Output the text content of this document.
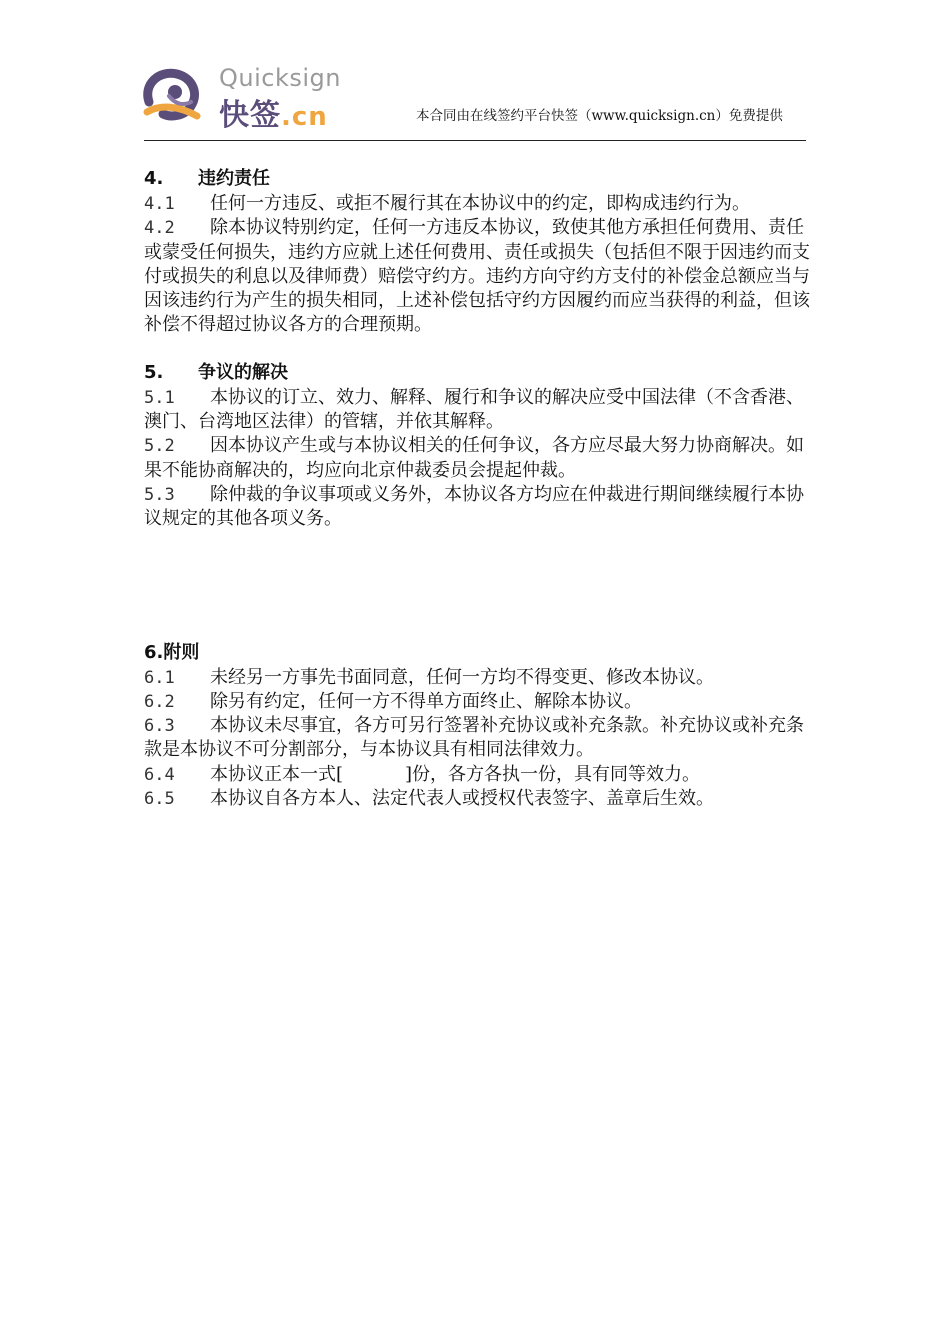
Quicksign
快签.cn	本合同由在线签约平台快签（www.quicksign.cn）免费提供
4. 违约责任

4.1 任何一方违反、或拒不履行其在本协议中的约定，即构成违约行为。

4.2 除本协议特别约定，任何一方违反本协议，致使其他方承担任何费用、责任或蒙受任何损失，违约方应就上述任何费用、责任或损失（包括但不限于因违约而支付或损失的利息以及律师费）赔偿守约方。违约方向守约方支付的补偿金总额应当与因该违约行为产生的损失相同，上述补偿包括守约方因履约而应当获得的利益，但该补偿不得超过协议各方的合理预期。

5. 争议的解决

5.1 本协议的订立、效力、解释、履行和争议的解决应受中国法律（不含香港、澳门、台湾地区法律）的管辖，并依其解释。

5.2 因本协议产生或与本协议相关的任何争议，各方应尽最大努力协商解决。如果不能协商解决的，均应向北京仲裁委员会提起仲裁。

5.3 除仲裁的争议事项或义务外，本协议各方均应在仲裁进行期间继续履行本协议规定的其他各项义务。

6.附则

6.1 未经另一方事先书面同意，任何一方均不得变更、修改本协议。

6.2 除另有约定，任何一方不得单方面终止、解除本协议。

6.3 本协议未尽事宜，各方可另行签署补充协议或补充条款。补充协议或补充条款是本协议不可分割部分，与本协议具有相同法律效力。

6.4 本协议正本一式[	]份，各方各执一份，具有同等效力。

6.5 本协议自各方本人、法定代表人或授权代表签字、盖章后生效。
